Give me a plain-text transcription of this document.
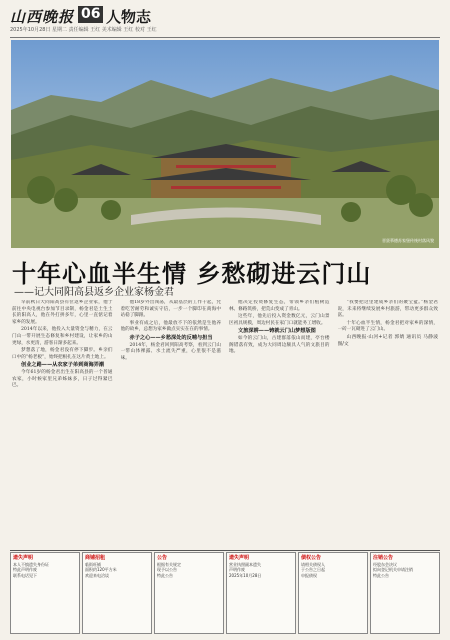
山西晚报 06 人物志
2025年10月28日 星期二 责任编辑 王红 美术编辑 王红 校对 王红
晋贤慕德苏家堡传统村落风貌
十年心血半生情 乡愁砌进云门山
——记大同阳高县返乡企业家杨金君

早前秋日大同阳高县有位返乡企业家，他于前往中央电视台参加节目录制，杨金君是土生土长的阳高人，他在外打拼多年，心里一直惦记着家乡的发展。

2014年以来，他投入大量资金与精力，在云门山一带开展生态修复和乡村建设，让家乡的山更绿，水更清，游客日渐多起来。

梦想落了地，杨金君没有停下脚步。乡亲们口中的“杨老板”，始终把根扎在这片黄土地上。

创业之路——从农家子弟到商海弄潮

今年61岁的杨金君出生在阳高县的一个普通农家，小时候家里兄弟姊妹多，日子过得紧巴巴。

他18岁外出闯荡，从最基层的工作干起，凭着吃苦耐劳和诚实守信，一步一个脚印在商海中站稳了脚跟。

事业有成之后，他最放不下的依然是生他养他的故乡，总想为家乡做点实实在在的事情。

赤子之心——乡愁深处的反哺与担当

2014年，杨金君回到阳高考察，看到云门山一带山体裸露、水土流失严重，心里很不是滋味。

他决定投资修复生态，带领乡亲们植树造林、修路筑桥，把荒山变成了青山。

这些年，他先后投入资金数亿元，云门山景区初具规模，周边村民在家门口就能务工增收。

文旅深耕——铸就云门山梦想版图

如今的云门山，古建群落依山而建，亭台楼阁错落有致，成为大同周边颇具人气的文旅目的地。

“我要把这里建成乡亲们的聚宝盆。”杨金君说，未来将继续发展乡村旅游，带动更多群众致富。

十年心血半生情，杨金君把对家乡的深情，一砖一瓦砌进了云门山。

山西晚报·山河+记者 郭婧 通讯员 马静波 图/文

遗失声明
本人不慎遗失身份证
特此声明作废
联系电话见下
商铺招租
临街旺铺
面积约120平方米
欢迎来电洽谈
公告
根据有关规定
现予以公告
特此公告
遗失声明
营业执照副本遗失
声明作废
2025年10月28日
债权公告
请相关债权人
于公告之日起
申报债权
注销公告
经股东会决议
拟向登记机关申请注销
特此公告
